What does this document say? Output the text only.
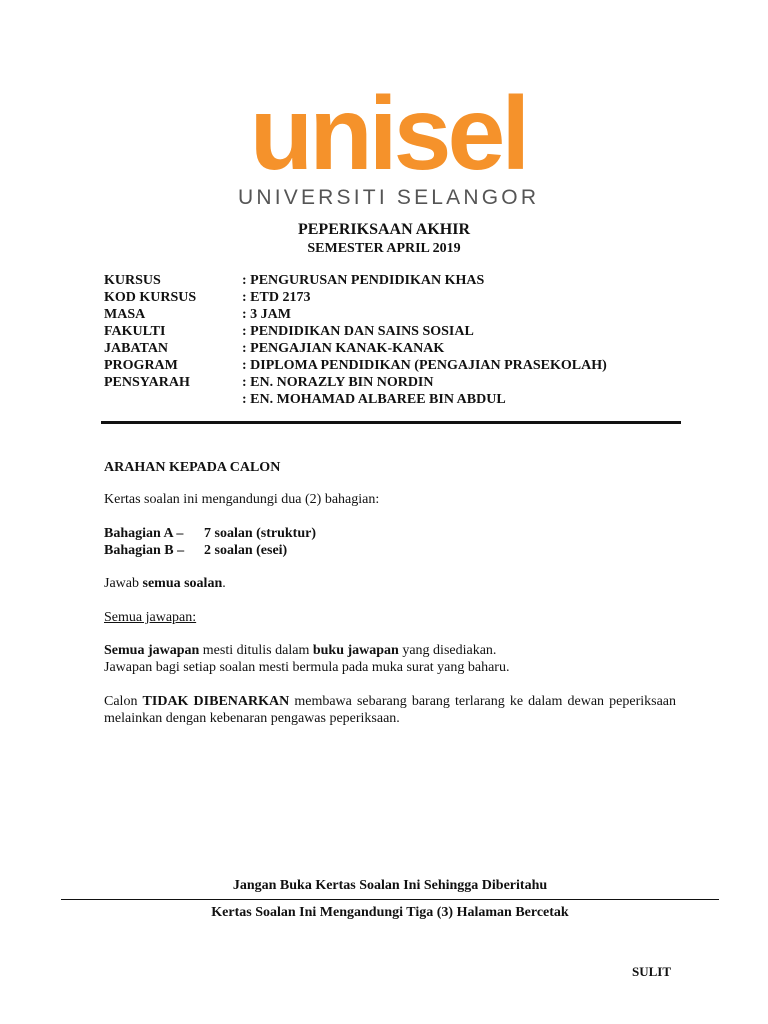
unisel
UNIVERSITI SELANGOR
PEPERIKSAAN AKHIR
SEMESTER APRIL 2019
KURSUS	: PENGURUSAN PENDIDIKAN KHAS
KOD KURSUS	: ETD 2173
MASA	: 3 JAM
FAKULTI	: PENDIDIKAN DAN SAINS SOSIAL
JABATAN	: PENGAJIAN KANAK-KANAK
PROGRAM	: DIPLOMA PENDIDIKAN (PENGAJIAN PRASEKOLAH)
PENSYARAH	: EN. NORAZLY BIN NORDIN
: EN. MOHAMAD ALBAREE BIN ABDUL
ARAHAN KEPADA CALON
Kertas soalan ini mengandungi dua (2) bahagian:
Bahagian A – 7 soalan (struktur)
Bahagian B – 2 soalan (esei)
Jawab semua soalan.
Semua jawapan:
Semua jawapan mesti ditulis dalam buku jawapan yang disediakan.
Jawapan bagi setiap soalan mesti bermula pada muka surat yang baharu.
Calon TIDAK DIBENARKAN membawa sebarang barang terlarang ke dalam dewan peperiksaan melainkan dengan kebenaran pengawas peperiksaan.
Jangan Buka Kertas Soalan Ini Sehingga Diberitahu
Kertas Soalan Ini Mengandungi Tiga (3) Halaman Bercetak
SULIT
